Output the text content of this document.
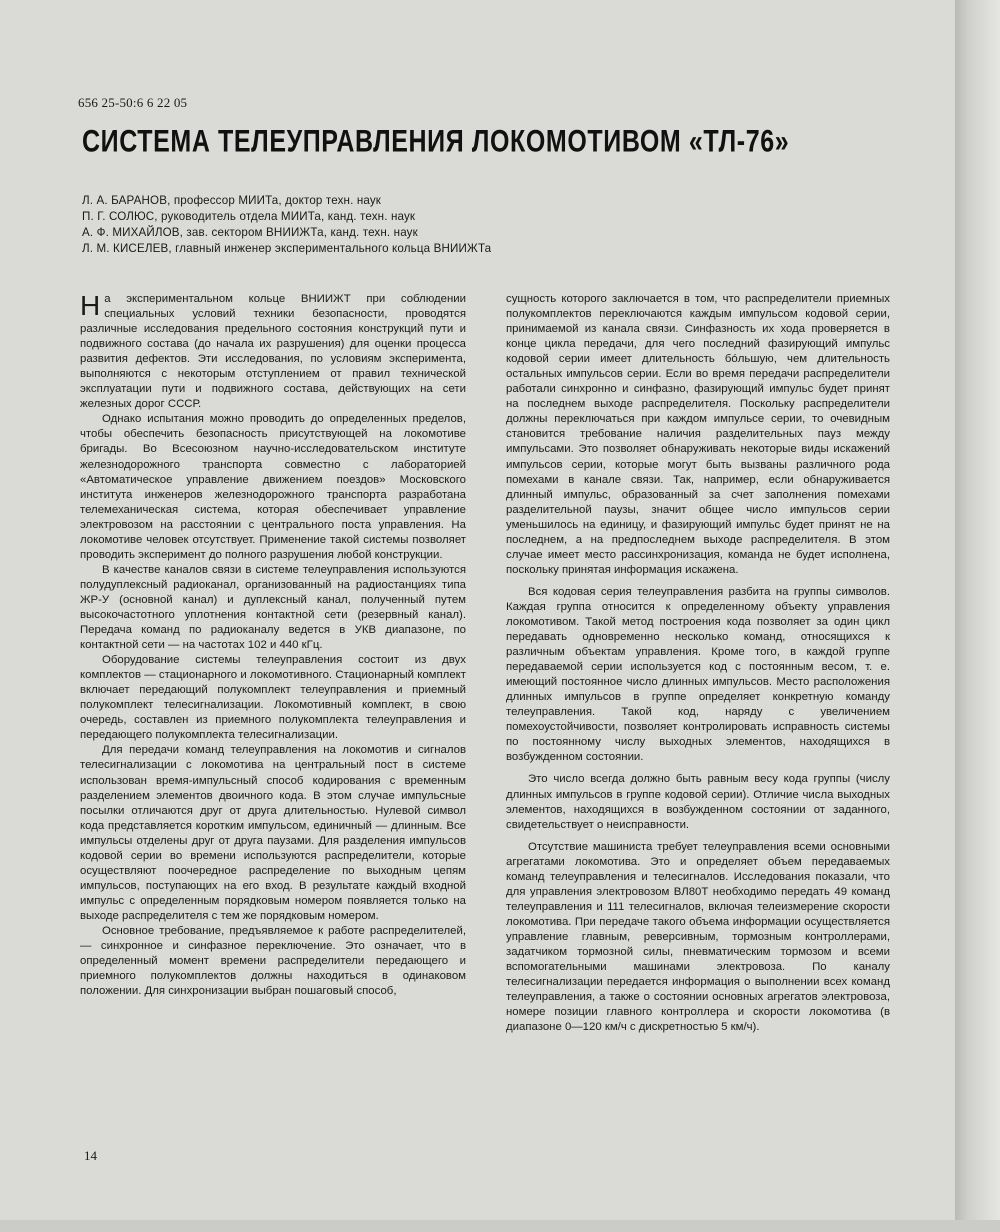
656 25-50:6 6 22 05
СИСТЕМА ТЕЛЕУПРАВЛЕНИЯ ЛОКОМОТИВОМ «ТЛ-76»
Л. А. БАРАНОВ, профессор МИИТа, доктор техн. наук
П. Г. СОЛЮС, руководитель отдела МИИТа, канд. техн. наук
А. Ф. МИХАЙЛОВ, зав. сектором ВНИИЖТа, канд. техн. наук
Л. М. КИСЕЛЕВ, главный инженер экспериментального кольца ВНИИЖТа

На экспериментальном кольце ВНИИЖТ при соблюдении специальных условий техники безопасности, проводятся различные исследования предельного состояния конструкций пути и подвижного состава (до начала их разрушения) для оценки процесса развития дефектов. Эти исследования, по условиям эксперимента, выполняются с некоторым отступлением от правил технической эксплуатации пути и подвижного состава, действующих на сети железных дорог СССР.

Однако испытания можно проводить до определенных пределов, чтобы обеспечить безопасность присутствующей на локомотиве бригады. Во Всесоюзном научно-исследовательском институте железнодорожного транспорта совместно с лабораторией «Автоматическое управление движением поездов» Московского института инженеров железнодорожного транспорта разработана телемеханическая система, которая обеспечивает управление электровозом на расстоянии с центрального поста управления. На локомотиве человек отсутствует. Применение такой системы позволяет проводить эксперимент до полного разрушения любой конструкции.

В качестве каналов связи в системе телеуправления используются полудуплексный радиоканал, организованный на радиостанциях типа ЖР-У (основной канал) и дуплексный канал, полученный путем высокочастотного уплотнения контактной сети (резервный канал). Передача команд по радиоканалу ведется в УКВ диапазоне, по контактной сети — на частотах 102 и 440 кГц.

Оборудование системы телеуправления состоит из двух комплектов — стационарного и локомотивного. Стационарный комплект включает передающий полукомплект телеуправления и приемный полукомплект телесигнализации. Локомотивный комплект, в свою очередь, составлен из приемного полукомплекта телеуправления и передающего полукомплекта телесигнализации.

Для передачи команд телеуправления на локомотив и сигналов телесигнализации с локомотива на центральный пост в системе использован время-импульсный способ кодирования с временным разделением элементов двоичного кода. В этом случае импульсные посылки отличаются друг от друга длительностью. Нулевой символ кода представляется коротким импульсом, единичный — длинным. Все импульсы отделены друг от друга паузами. Для разделения импульсов кодовой серии во времени используются распределители, которые осуществляют поочередное распределение по выходным цепям импульсов, поступающих на его вход. В результате каждый входной импульс с определенным порядковым номером появляется только на выходе распределителя с тем же порядковым номером.

Основное требование, предъявляемое к работе распределителей, — синхронное и синфазное переключение. Это означает, что в определенный момент времени распределители передающего и приемного полукомплектов должны находиться в одинаковом положении. Для синхронизации выбран пошаговый способ,

сущность которого заключается в том, что распределители приемных полукомплектов переключаются каждым импульсом кодовой серии, принимаемой из канала связи. Синфазность их хода проверяется в конце цикла передачи, для чего последний фазирующий импульс кодовой серии имеет длительность бóльшую, чем длительность остальных импульсов серии. Если во время передачи распределители работали синхронно и синфазно, фазирующий импульс будет принят на последнем выходе распределителя. Поскольку распределители должны переключаться при каждом импульсе серии, то очевидным становится требование наличия разделительных пауз между импульсами. Это позволяет обнаруживать некоторые виды искажений импульсов серии, которые могут быть вызваны различного рода помехами в канале связи. Так, например, если обнаруживается длинный импульс, образованный за счет заполнения помехами разделительной паузы, значит общее число импульсов серии уменьшилось на единицу, и фазирующий импульс будет принят не на последнем, а на предпоследнем выходе распределителя. В этом случае имеет место рассинхронизация, команда не будет исполнена, поскольку принятая информация искажена.

Вся кодовая серия телеуправления разбита на группы символов. Каждая группа относится к определенному объекту управления локомотивом. Такой метод построения кода позволяет за один цикл передавать одновременно несколько команд, относящихся к различным объектам управления. Кроме того, в каждой группе передаваемой серии используется код с постоянным весом, т. е. имеющий постоянное число длинных импульсов. Место расположения длинных импульсов в группе определяет конкретную команду телеуправления. Такой код, наряду с увеличением помехоустойчивости, позволяет контролировать исправность системы по постоянному числу выходных элементов, находящихся в возбужденном состоянии.

Это число всегда должно быть равным весу кода группы (числу длинных импульсов в группе кодовой серии). Отличие числа выходных элементов, находящихся в возбужденном состоянии от заданного, свидетельствует о неисправности.

Отсутствие машиниста требует телеуправления всеми основными агрегатами локомотива. Это и определяет объем передаваемых команд телеуправления и телесигналов. Исследования показали, что для управления электровозом ВЛ80Т необходимо передать 49 команд телеуправления и 111 телесигналов, включая телеизмерение скорости локомотива. При передаче такого объема информации осуществляется управление главным, реверсивным, тормозным контроллерами, задатчиком тормозной силы, пневматическим тормозом и всеми вспомогательными машинами электровоза. По каналу телесигнализации передается информация о выполнении всех команд телеуправления, а также о состоянии основных агрегатов электровоза, номере позиции главного контроллера и скорости локомотива (в диапазоне 0—120 км/ч с дискретностью 5 км/ч).

14
